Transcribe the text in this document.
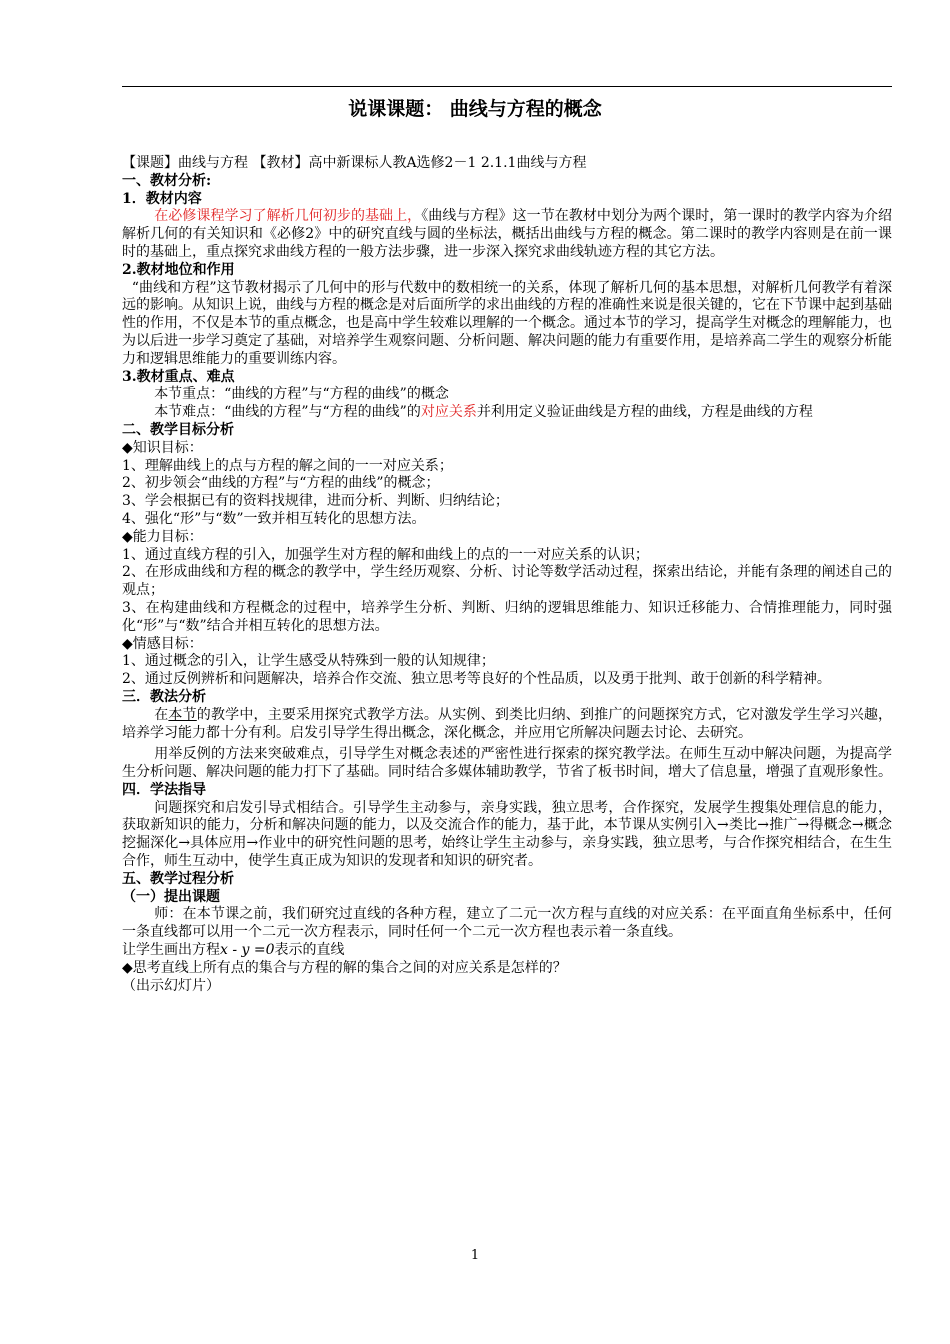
说课课题： 曲线与方程的概念

【课题】曲线与方程 【教材】高中新课标人教A选修2－1 2.1.1曲线与方程

一、教材分析:

1．教材内容

在必修课程学习了解析几何初步的基础上，《曲线与方程》这一节在教材中划分为两个课时，第一课时的教学内容为介绍解析几何的有关知识和《必修2》中的研究直线与圆的坐标法，概括出曲线与方程的概念。第二课时的教学内容则是在前一课时的基础上，重点探究求曲线方程的一般方法步骤，进一步深入探究求曲线轨迹方程的其它方法。

2.教材地位和作用

“曲线和方程”这节教材揭示了几何中的形与代数中的数相统一的关系，体现了解析几何的基本思想，对解析几何教学有着深远的影响。从知识上说，曲线与方程的概念是对后面所学的求出曲线的方程的准确性来说是很关键的，它在下节课中起到基础性的作用，不仅是本节的重点概念，也是高中学生较难以理解的一个概念。通过本节的学习，提高学生对概念的理解能力，也为以后进一步学习奠定了基础，对培养学生观察问题、分析问题、解决问题的能力有重要作用，是培养高二学生的观察分析能力和逻辑思维能力的重要训练内容。

3.教材重点、难点

本节重点：“曲线的方程”与“方程的曲线”的概念

本节难点：“曲线的方程”与“方程的曲线”的对应关系并利用定义验证曲线是方程的曲线，方程是曲线的方程

二、教学目标分析

◆知识目标：

1、理解曲线上的点与方程的解之间的一一对应关系；

2、初步领会“曲线的方程”与“方程的曲线”的概念；

3、学会根据已有的资料找规律，进而分析、判断、归纳结论；

4、强化“形”与“数”一致并相互转化的思想方法。

◆能力目标：

1、通过直线方程的引入，加强学生对方程的解和曲线上的点的一一对应关系的认识；

2、在形成曲线和方程的概念的教学中，学生经历观察、分析、讨论等数学活动过程，探索出结论，并能有条理的阐述自己的观点；

3、在构建曲线和方程概念的过程中，培养学生分析、判断、归纳的逻辑思维能力、知识迁移能力、合情推理能力，同时强化“形”与“数”结合并相互转化的思想方法。

◆情感目标：

1、通过概念的引入，让学生感受从特殊到一般的认知规律；

2、通过反例辨析和问题解决，培养合作交流、独立思考等良好的个性品质，以及勇于批判、敢于创新的科学精神。

三．教法分析

在本节的教学中，主要采用探究式教学方法。从实例、到类比归纳、到推广的问题探究方式，它对激发学生学习兴趣，培养学习能力都十分有利。启发引导学生得出概念，深化概念，并应用它所解决问题去讨论、去研究。

用举反例的方法来突破难点，引导学生对概念表述的严密性进行探索的探究教学法。在师生互动中解决问题，为提高学生分析问题、解决问题的能力打下了基础。同时结合多媒体辅助教学，节省了板书时间，增大了信息量，增强了直观形象性。

四．学法指导

问题探究和启发引导式相结合。引导学生主动参与，亲身实践，独立思考，合作探究，发展学生搜集处理信息的能力，获取新知识的能力，分析和解决问题的能力，以及交流合作的能力，基于此，本节课从实例引入→类比→推广→得概念→概念挖掘深化→具体应用→作业中的研究性问题的思考，始终让学生主动参与，亲身实践，独立思考，与合作探究相结合，在生生合作，师生互动中，使学生真正成为知识的发现者和知识的研究者。

五、教学过程分析

（一）提出课题

师：在本节课之前，我们研究过直线的各种方程，建立了二元一次方程与直线的对应关系：在平面直角坐标系中，任何一条直线都可以用一个二元一次方程表示，同时任何一个二元一次方程也表示着一条直线。

让学生画出方程x - y =0表示的直线

◆思考直线上所有点的集合与方程的解的集合之间的对应关系是怎样的？

（出示幻灯片）

1
